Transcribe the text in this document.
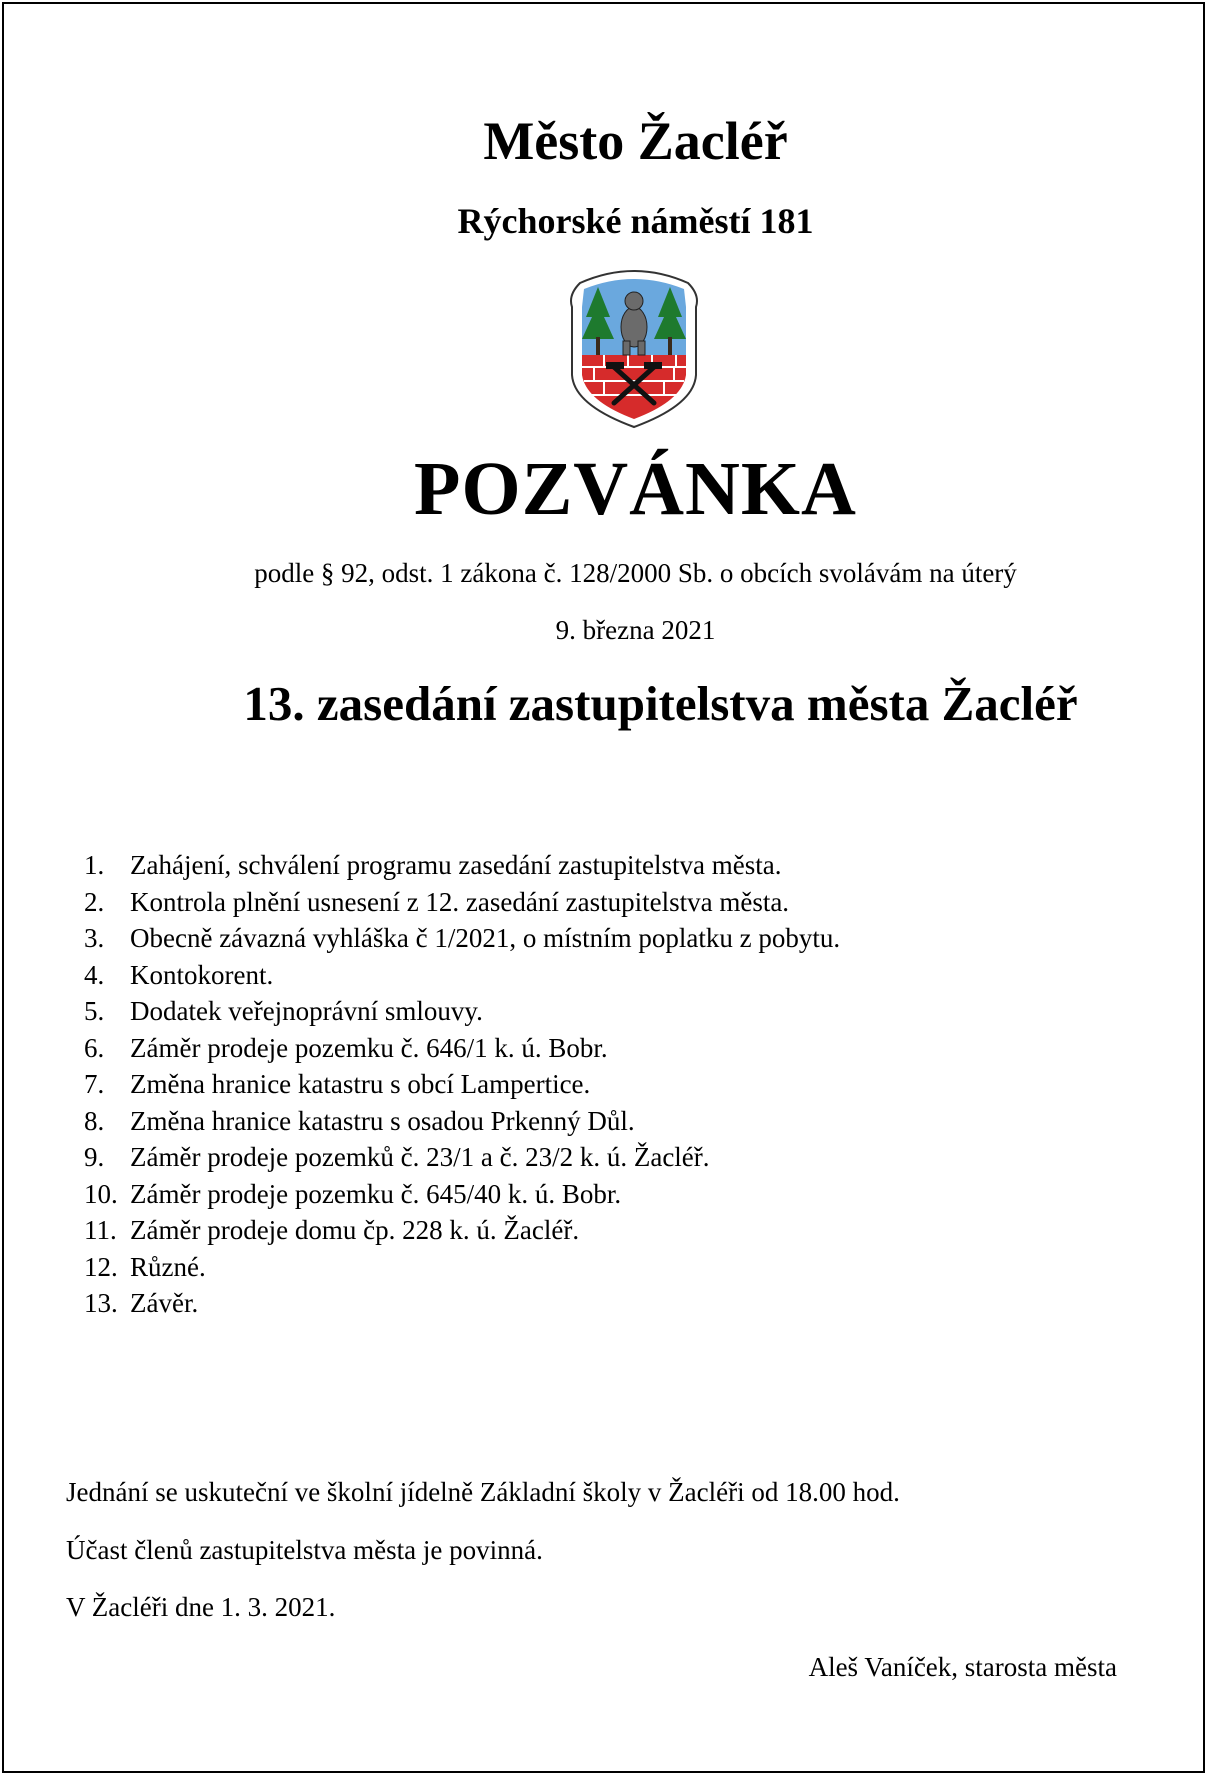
Město Žacléř
Rýchorské náměstí 181
POZVÁNKA
podle § 92, odst. 1 zákona č. 128/2000 Sb. o obcích svolávám na úterý
9. března 2021
13. zasedání zastupitelstva města Žacléř
1. Zahájení, schválení programu zasedání zastupitelstva města.
2. Kontrola plnění usnesení z 12. zasedání zastupitelstva města.
3. Obecně závazná vyhláška č 1/2021, o místním poplatku z pobytu.
4. Kontokorent.
5. Dodatek veřejnoprávní smlouvy.
6. Záměr prodeje pozemku č. 646/1 k. ú. Bobr.
7. Změna hranice katastru s obcí Lampertice.
8. Změna hranice katastru s osadou Prkenný Důl.
9. Záměr prodeje pozemků č. 23/1 a č. 23/2 k. ú. Žacléř.
10. Záměr prodeje pozemku č. 645/40 k. ú. Bobr.
11. Záměr prodeje domu čp. 228 k. ú. Žacléř.
12. Různé.
13. Závěr.
Jednání se uskuteční ve školní jídelně Základní školy v Žacléři od 18.00 hod.
Účast členů zastupitelstva města je povinná.
V Žacléři dne 1. 3. 2021.
Aleš Vaníček, starosta města
